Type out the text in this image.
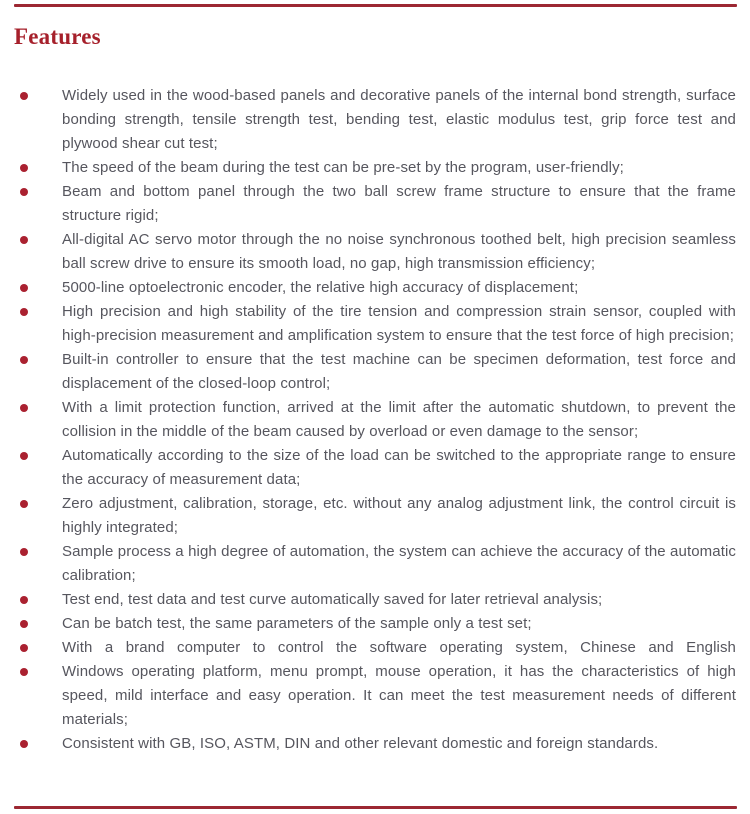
Features
Widely used in the wood-based panels and decorative panels of the internal bond strength, surface bonding strength, tensile strength test, bending test, elastic modulus test, grip force test and plywood shear cut test;
The speed of the beam during the test can be pre-set by the program, user-friendly;
Beam and bottom panel through the two ball screw frame structure to ensure that the frame structure rigid;
All-digital AC servo motor through the no noise synchronous toothed belt, high precision seamless ball screw drive to ensure its smooth load, no gap, high transmission efficiency;
5000-line optoelectronic encoder, the relative high accuracy of displacement;
High precision and high stability of the tire tension and compression strain sensor, coupled with high-precision measurement and amplification system to ensure that the test force of high precision;
Built-in controller to ensure that the test machine can be specimen deformation, test force and displacement of the closed-loop control;
With a limit protection function, arrived at the limit after the automatic shutdown, to prevent the collision in the middle of the beam caused by overload or even damage to the sensor;
Automatically according to the size of the load can be switched to the appropriate range to ensure the accuracy of measurement data;
Zero adjustment, calibration, storage, etc. without any analog adjustment link, the control circuit is highly integrated;
Sample process a high degree of automation, the system can achieve the accuracy of the automatic calibration;
Test end, test data and test curve automatically saved for later retrieval analysis;
Can be batch test, the same parameters of the sample only a test set;
With a brand computer to control the software operating system, Chinese and English
Windows operating platform, menu prompt, mouse operation, it has the characteristics of high speed, mild interface and easy operation. It can meet the test measurement needs of different materials;
Consistent with GB, ISO, ASTM, DIN and other relevant domestic and foreign standards.
